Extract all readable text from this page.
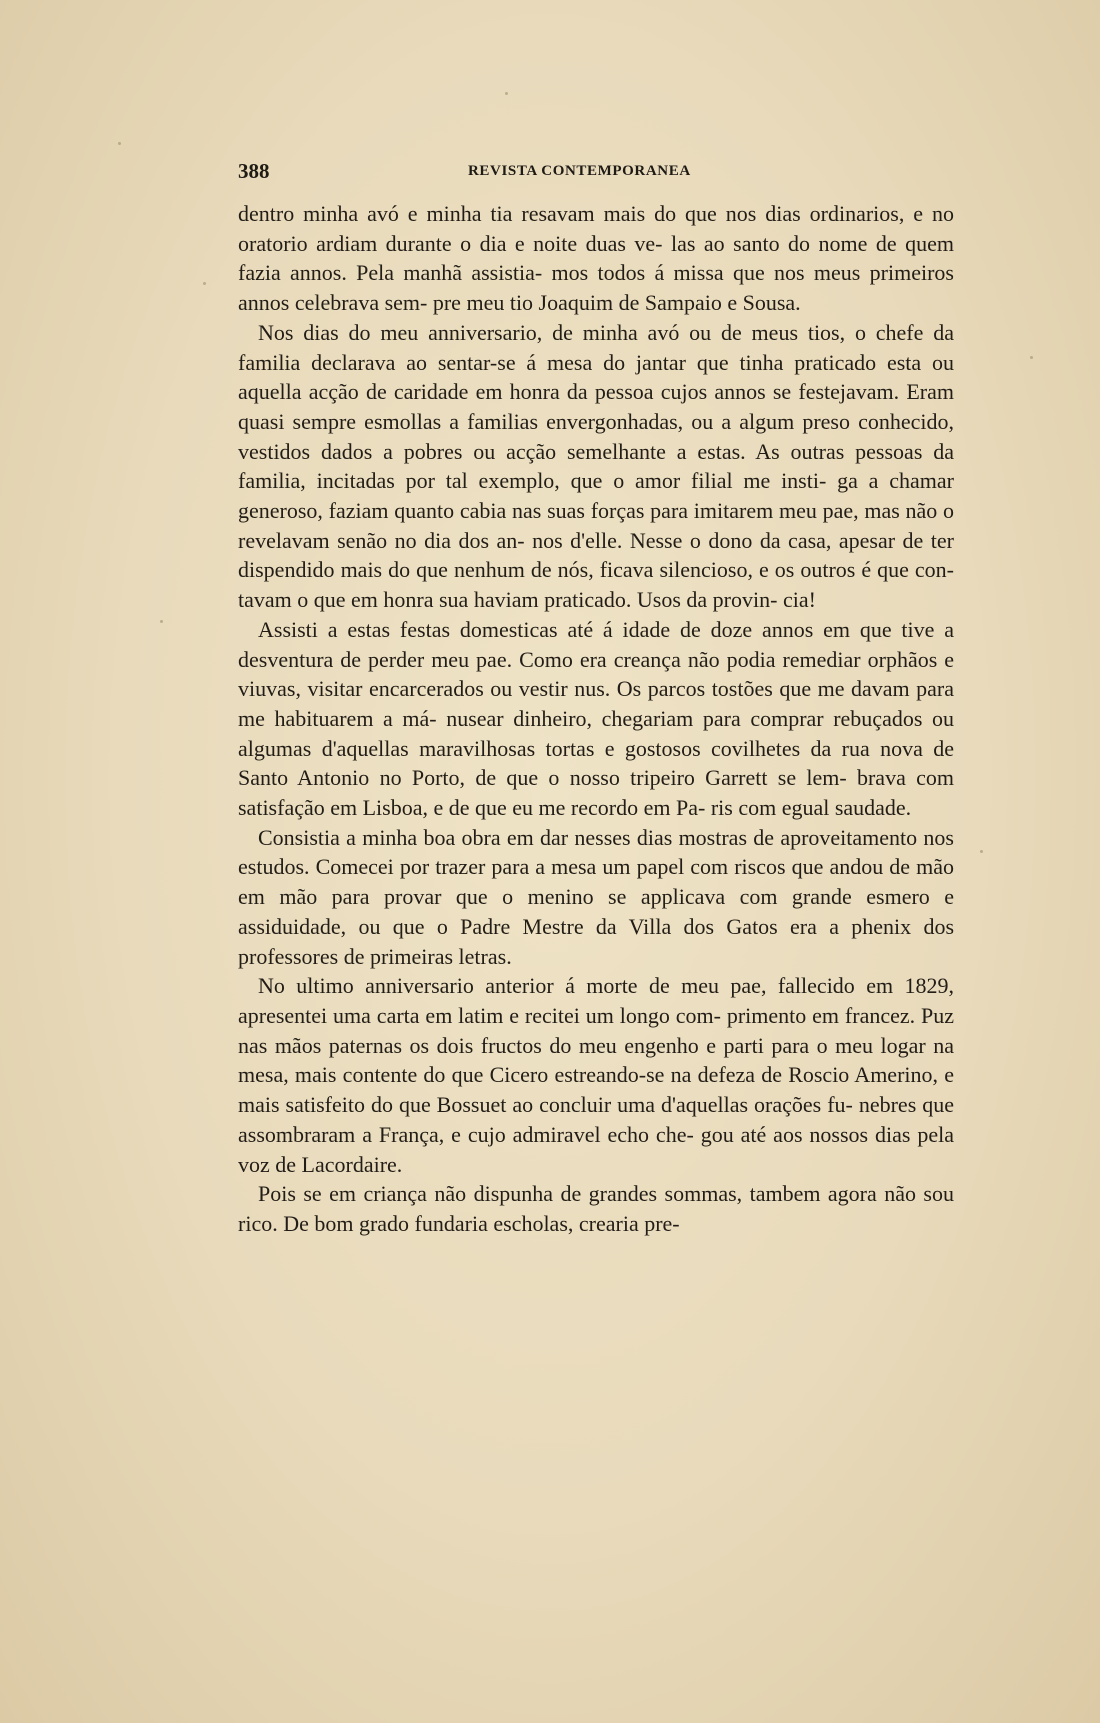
388	REVISTA CONTEMPORANEA

dentro minha avó e minha tia resavam mais do que nos dias ordinarios, e no oratorio ardiam durante o dia e noite duas ve- las ao santo do nome de quem fazia annos. Pela manhã assistia- mos todos á missa que nos meus primeiros annos celebrava sem- pre meu tio Joaquim de Sampaio e Sousa.

Nos dias do meu anniversario, de minha avó ou de meus tios, o chefe da familia declarava ao sentar-se á mesa do jantar que tinha praticado esta ou aquella acção de caridade em honra da pessoa cujos annos se festejavam. Eram quasi sempre esmollas a familias envergonhadas, ou a algum preso conhecido, vestidos dados a pobres ou acção semelhante a estas. As outras pessoas da familia, incitadas por tal exemplo, que o amor filial me insti- ga a chamar generoso, faziam quanto cabia nas suas forças para imitarem meu pae, mas não o revelavam senão no dia dos an- nos d'elle. Nesse o dono da casa, apesar de ter dispendido mais do que nenhum de nós, ficava silencioso, e os outros é que con- tavam o que em honra sua haviam praticado. Usos da provin- cia!

Assisti a estas festas domesticas até á idade de doze annos em que tive a desventura de perder meu pae. Como era creança não podia remediar orphãos e viuvas, visitar encarcerados ou vestir nus. Os parcos tostões que me davam para me habituarem a má- nusear dinheiro, chegariam para comprar rebuçados ou algumas d'aquellas maravilhosas tortas e gostosos covilhetes da rua nova de Santo Antonio no Porto, de que o nosso tripeiro Garrett se lem- brava com satisfação em Lisboa, e de que eu me recordo em Pa- ris com egual saudade.

Consistia a minha boa obra em dar nesses dias mostras de aproveitamento nos estudos. Comecei por trazer para a mesa um papel com riscos que andou de mão em mão para provar que o menino se applicava com grande esmero e assiduidade, ou que o Padre Mestre da Villa dos Gatos era a phenix dos professores de primeiras letras.

No ultimo anniversario anterior á morte de meu pae, fallecido em 1829, apresentei uma carta em latim e recitei um longo com- primento em francez. Puz nas mãos paternas os dois fructos do meu engenho e parti para o meu logar na mesa, mais contente do que Cicero estreando-se na defeza de Roscio Amerino, e mais satisfeito do que Bossuet ao concluir uma d'aquellas orações fu- nebres que assombraram a França, e cujo admiravel echo che- gou até aos nossos dias pela voz de Lacordaire.

Pois se em criança não dispunha de grandes sommas, tambem agora não sou rico. De bom grado fundaria escholas, crearia pre-
